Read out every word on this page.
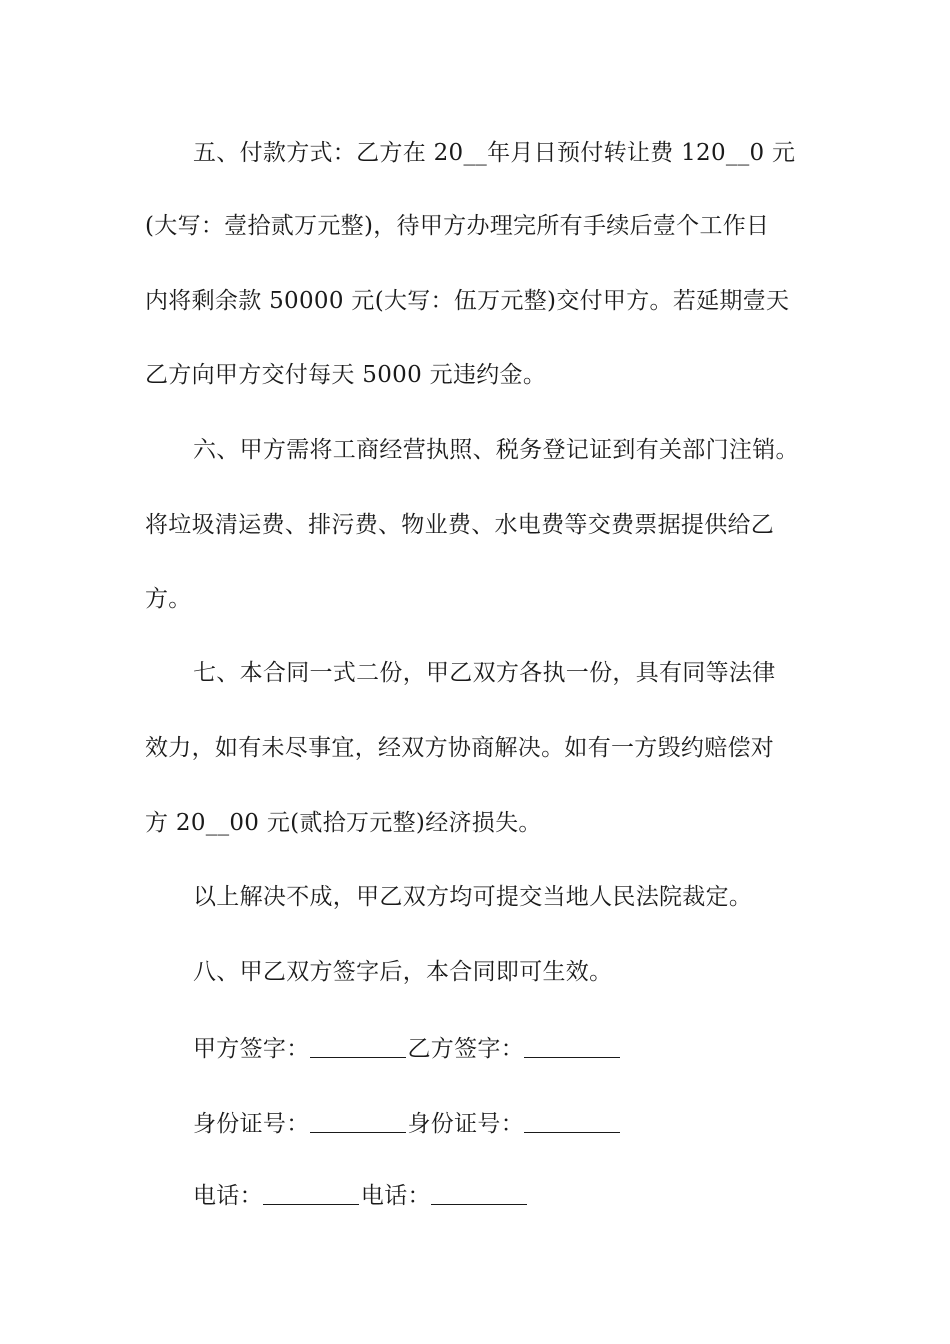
五、付款方式：乙方在 20__年月日预付转让费 120__0 元
(大写：壹拾贰万元整)，待甲方办理完所有手续后壹个工作日
内将剩余款 50000 元(大写：伍万元整)交付甲方。若延期壹天
乙方向甲方交付每天 5000 元违约金。
六、甲方需将工商经营执照、税务登记证到有关部门注销。
将垃圾清运费、排污费、物业费、水电费等交费票据提供给乙
方。
七、本合同一式二份，甲乙双方各执一份，具有同等法律
效力，如有未尽事宜，经双方协商解决。如有一方毁约赔偿对
方 20__00 元(贰拾万元整)经济损失。
以上解决不成，甲乙双方均可提交当地人民法院裁定。
八、甲乙双方签字后，本合同即可生效。
甲方签字：	乙方签字：
身份证号：	身份证号：
电话：	电话：
